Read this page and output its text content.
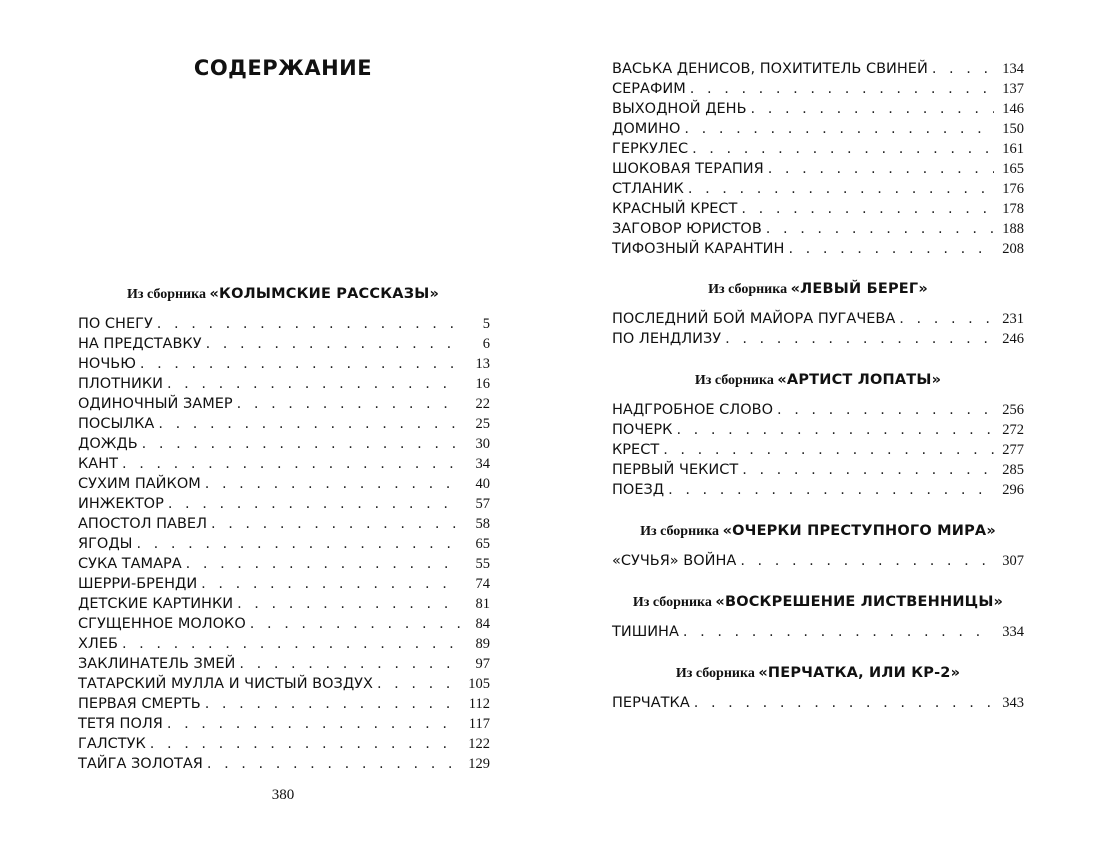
СОДЕРЖАНИЕ
Из сборника «КОЛЫМСКИЕ РАССКАЗЫ»
ПО СНЕГУ . . .	5
НА ПРЕДСТАВКУ . . .	6
НОЧЬЮ . . .	13
ПЛОТНИКИ . . .	16
ОДИНОЧНЫЙ ЗАМЕР . . .	22
ПОСЫЛКА . . .	25
ДОЖДЬ . . .	30
КАНТ . . .	34
СУХИМ ПАЙКОМ . . .	40
ИНЖЕКТОР . . .	57
АПОСТОЛ ПАВЕЛ . . .	58
ЯГОДЫ . . .	65
СУКА ТАМАРА . . .	55
ШЕРРИ-БРЕНДИ . . .	74
ДЕТСКИЕ КАРТИНКИ . . .	81
СГУЩЕННОЕ МОЛОКО . . .	84
ХЛЕБ . . .	89
ЗАКЛИНАТЕЛЬ ЗМЕЙ . . .	97
ТАТАРСКИЙ МУЛЛА И ЧИСТЫЙ ВОЗДУХ . . .	105
ПЕРВАЯ СМЕРТЬ . . .	112
ТЕТЯ ПОЛЯ . . .	117
ГАЛСТУК . . .	122
ТАЙГА ЗОЛОТАЯ . . .	129
380
ВАСЬКА ДЕНИСОВ, ПОХИТИТЕЛЬ СВИНЕЙ . . .	134
СЕРАФИМ . . .	137
ВЫХОДНОЙ ДЕНЬ . . .	146
ДОМИНО . . .	150
ГЕРКУЛЕС . . .	161
ШОКОВАЯ ТЕРАПИЯ . . .	165
СТЛАНИК . . .	176
КРАСНЫЙ КРЕСТ . . .	178
ЗАГОВОР ЮРИСТОВ . . .	188
ТИФОЗНЫЙ КАРАНТИН . . .	208
Из сборника «ЛЕВЫЙ БЕРЕГ»
ПОСЛЕДНИЙ БОЙ МАЙОРА ПУГАЧЕВА . . .	231
ПО ЛЕНДЛИЗУ . . .	246
Из сборника «АРТИСТ ЛОПАТЫ»
НАДГРОБНОЕ СЛОВО . . .	256
ПОЧЕРК . . .	272
КРЕСТ . . .	277
ПЕРВЫЙ ЧЕКИСТ . . .	285
ПОЕЗД . . .	296
Из сборника «ОЧЕРКИ ПРЕСТУПНОГО МИРА»
«СУЧЬЯ» ВОЙНА . . .	307
Из сборника «ВОСКРЕШЕНИЕ ЛИСТВЕННИЦЫ»
ТИШИНА . . .	334
Из сборника «ПЕРЧАТКА, ИЛИ КР-2»
ПЕРЧАТКА . . .	343
